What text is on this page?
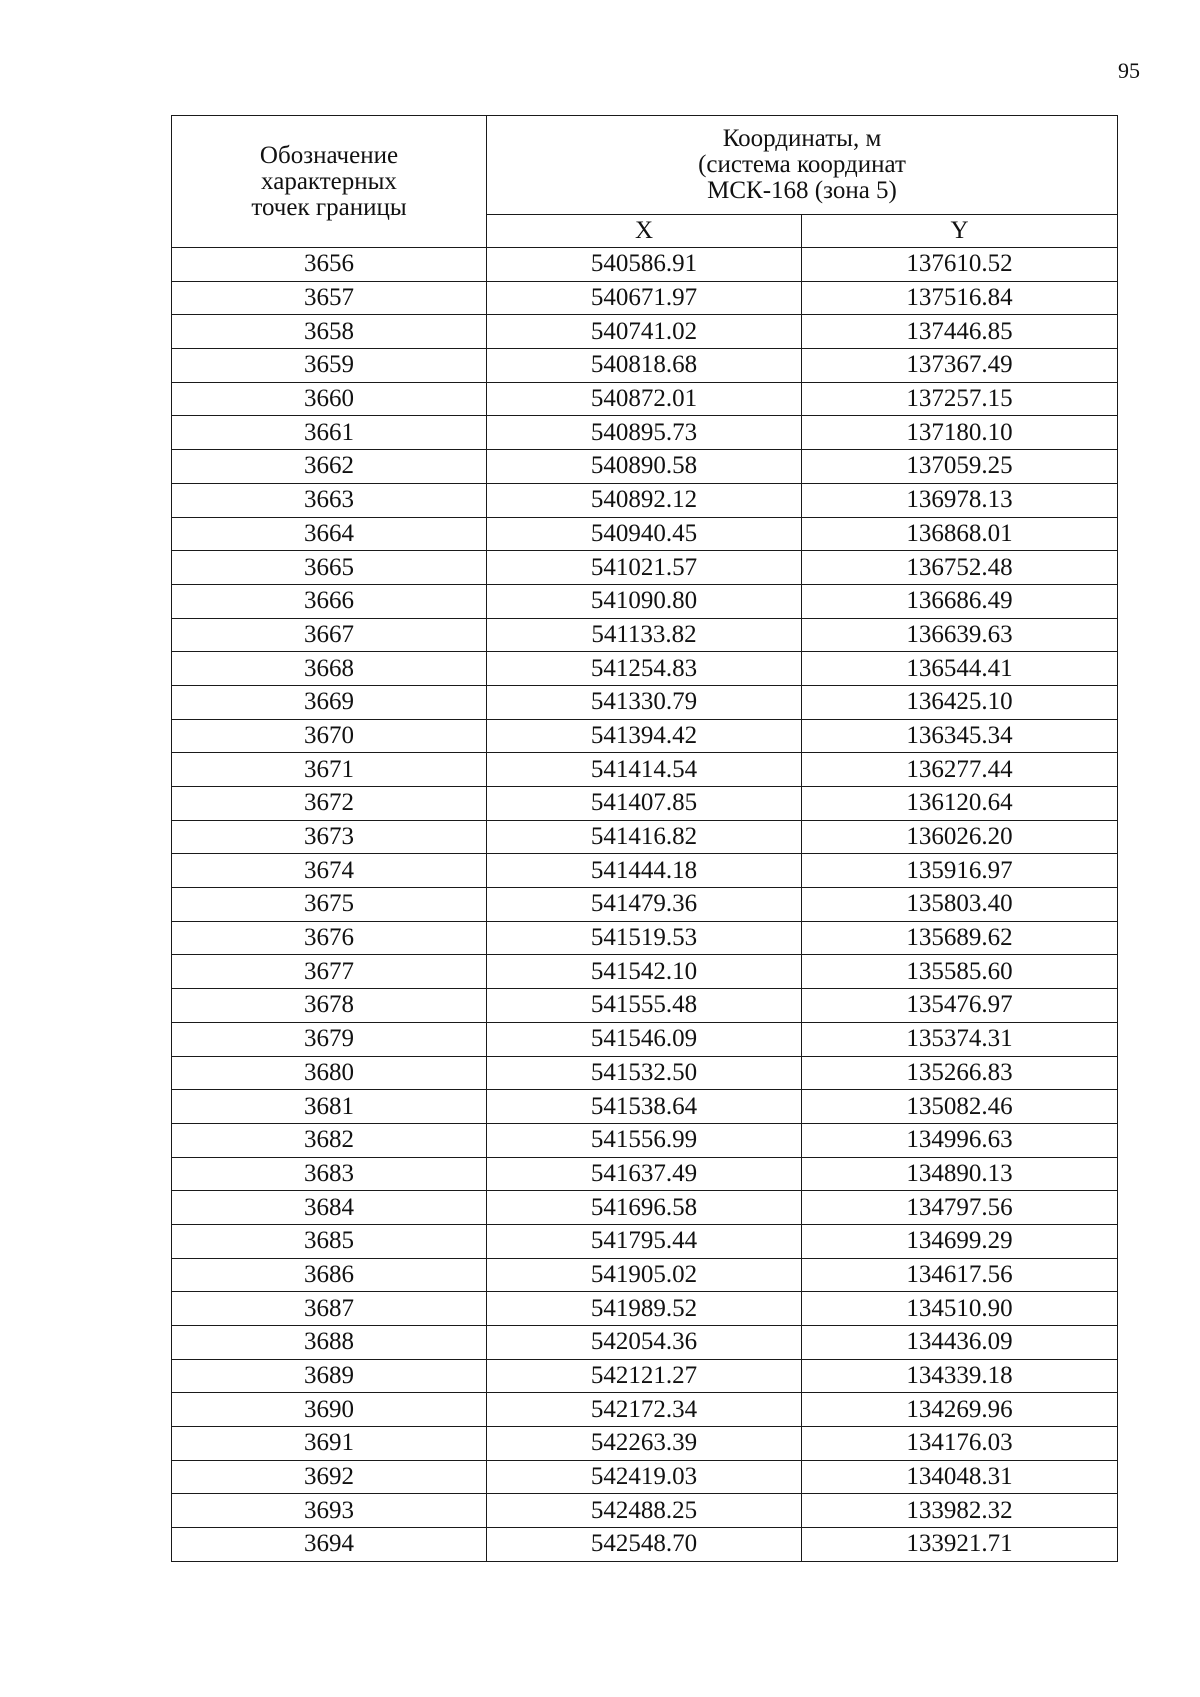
95
Обозначение
характерных
точек границы	Координаты, м
(система координат
МСК-168 (зона 5)	

	X	Y
3656	540586.91	137610.52
3657	540671.97	137516.84
3658	540741.02	137446.85
3659	540818.68	137367.49
3660	540872.01	137257.15
3661	540895.73	137180.10
3662	540890.58	137059.25
3663	540892.12	136978.13
3664	540940.45	136868.01
3665	541021.57	136752.48
3666	541090.80	136686.49
3667	541133.82	136639.63
3668	541254.83	136544.41
3669	541330.79	136425.10
3670	541394.42	136345.34
3671	541414.54	136277.44
3672	541407.85	136120.64
3673	541416.82	136026.20
3674	541444.18	135916.97
3675	541479.36	135803.40
3676	541519.53	135689.62
3677	541542.10	135585.60
3678	541555.48	135476.97
3679	541546.09	135374.31
3680	541532.50	135266.83
3681	541538.64	135082.46
3682	541556.99	134996.63
3683	541637.49	134890.13
3684	541696.58	134797.56
3685	541795.44	134699.29
3686	541905.02	134617.56
3687	541989.52	134510.90
3688	542054.36	134436.09
3689	542121.27	134339.18
3690	542172.34	134269.96
3691	542263.39	134176.03
3692	542419.03	134048.31
3693	542488.25	133982.32
3694	542548.70	133921.71
